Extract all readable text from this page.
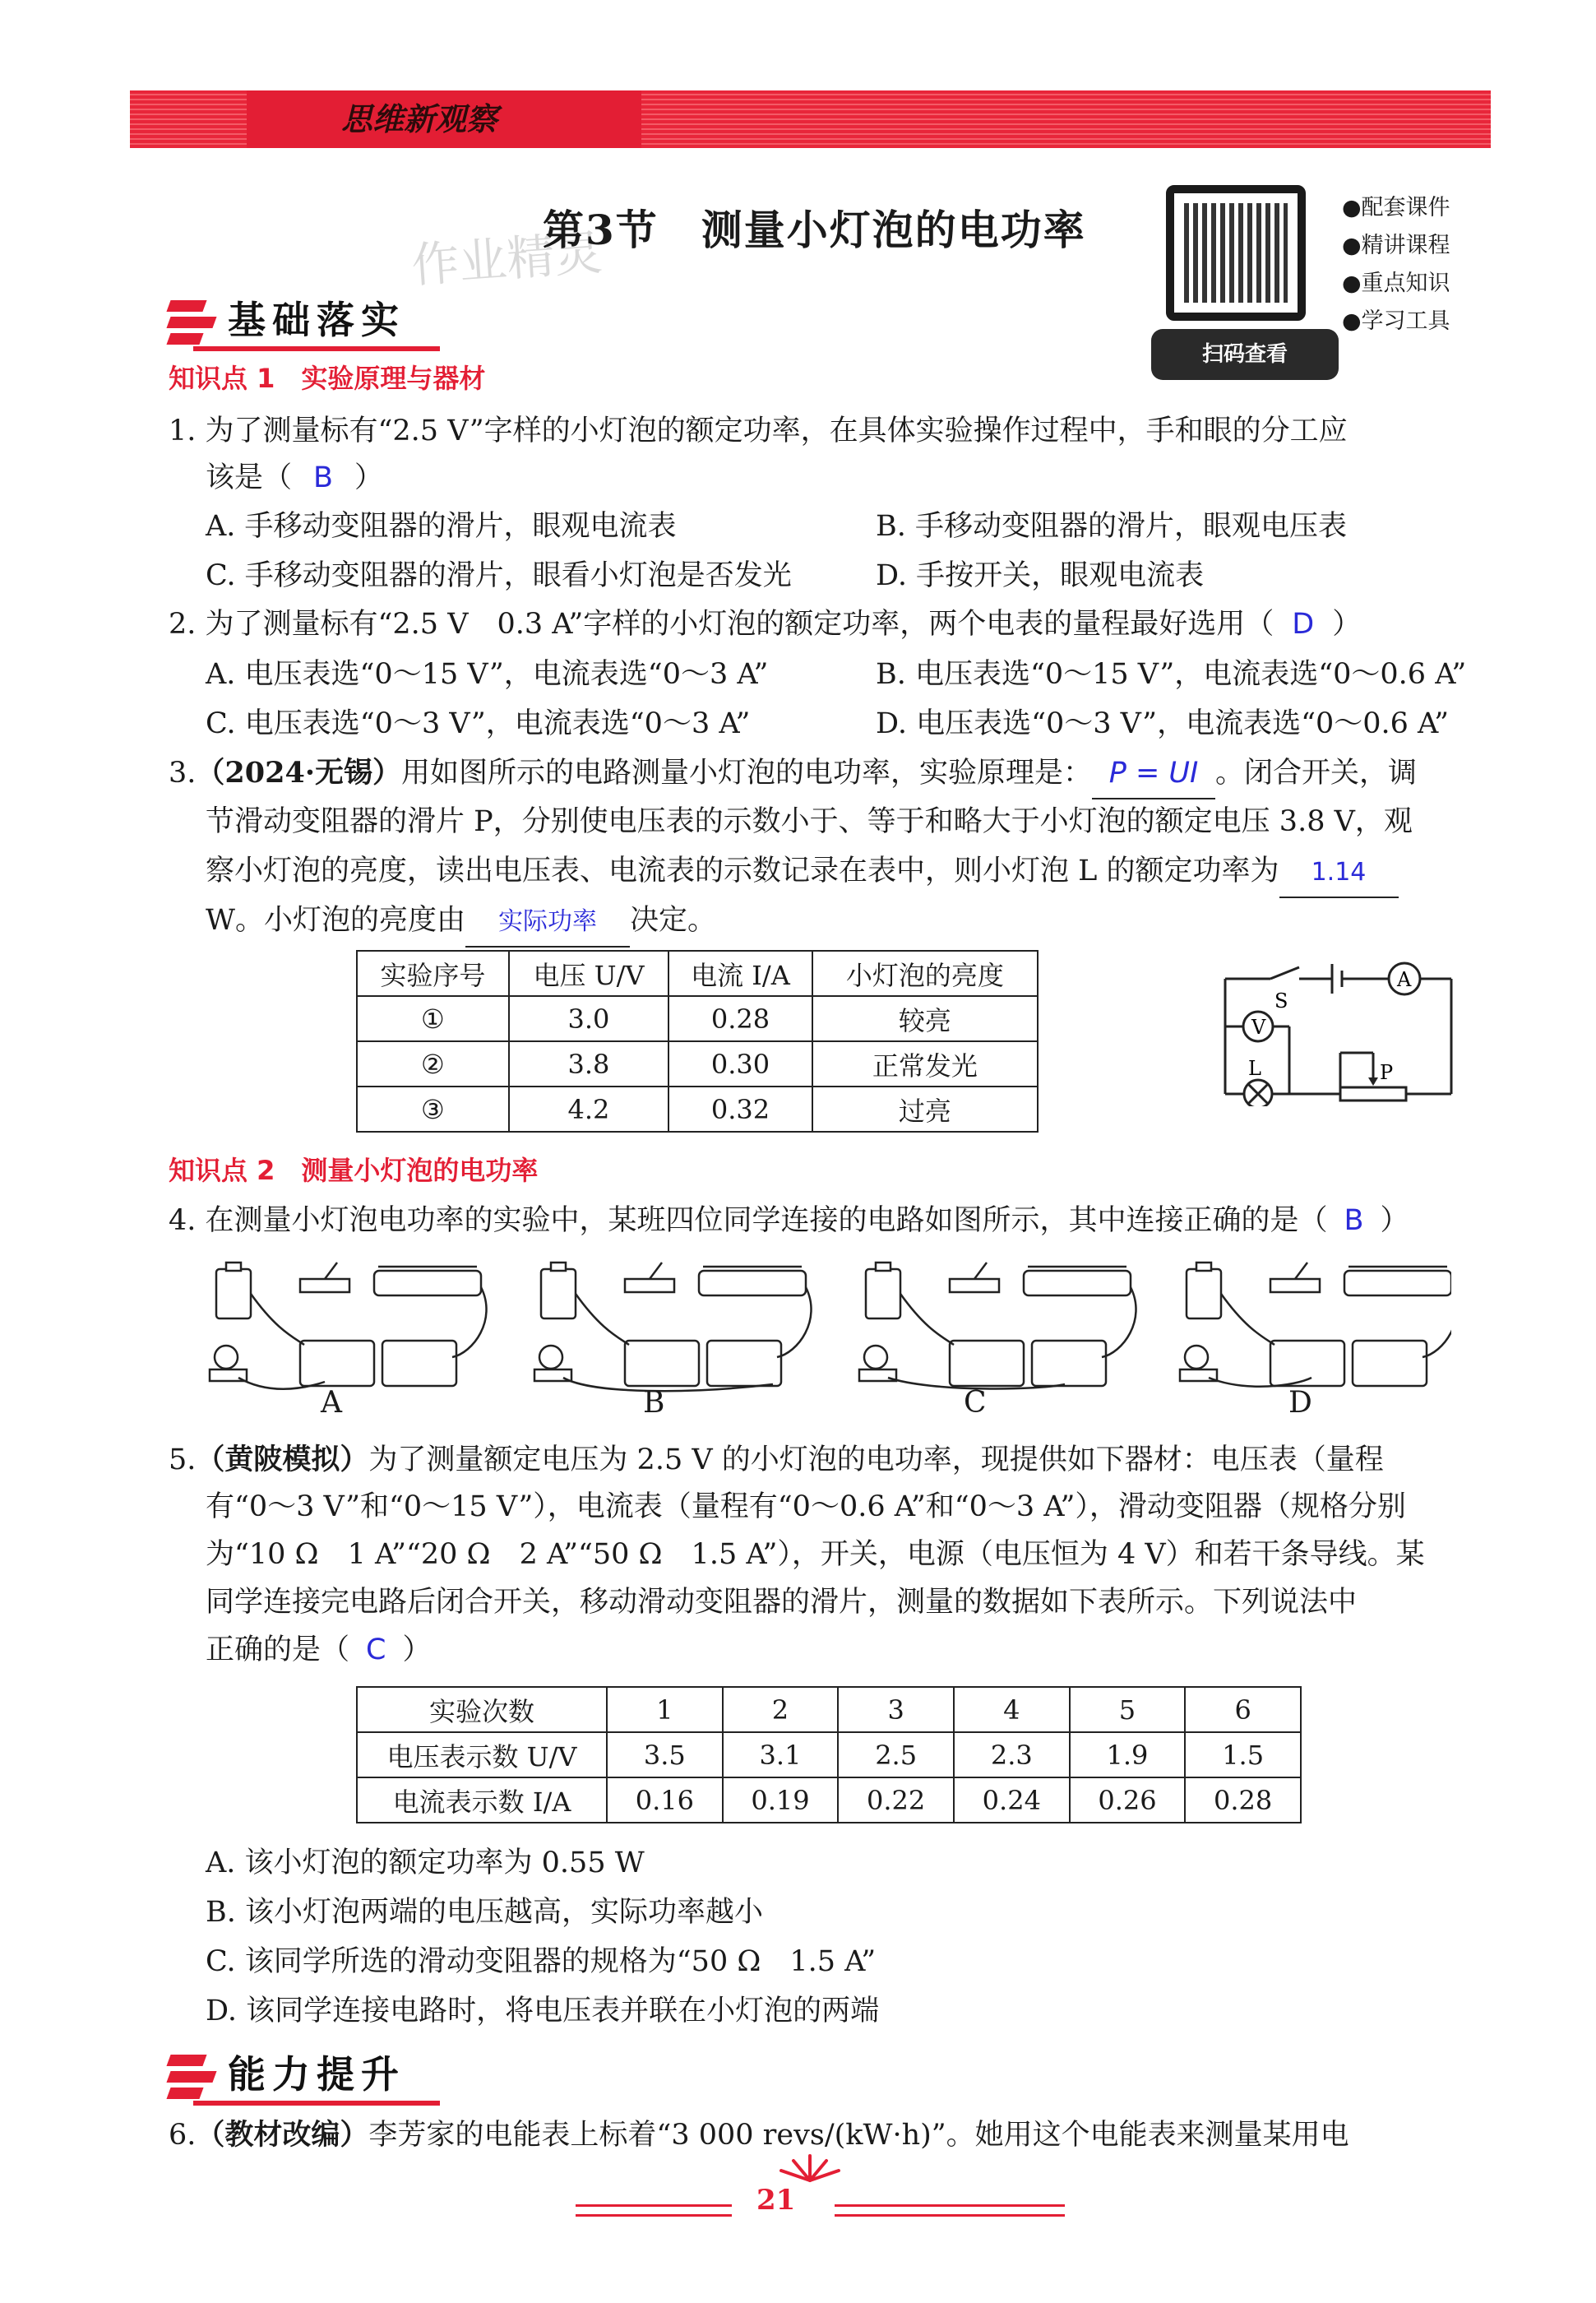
思维新观察
作业精灵
第3节　测量小灯泡的电功率
扫码查看
●配套课件
●精讲课程
●重点知识
●学习工具
基础落实
知识点 1　实验原理与器材
1. 为了测量标有“2.5 V”字样的小灯泡的额定功率，在具体实验操作过程中，手和眼的分工应
该是（ B ）
A. 手移动变阻器的滑片，眼观电流表	B. 手移动变阻器的滑片，眼观电压表
C. 手移动变阻器的滑片，眼看小灯泡是否发光	D. 手按开关，眼观电流表
2. 为了测量标有“2.5 V　0.3 A”字样的小灯泡的额定功率，两个电表的量程最好选用（ D ）
A. 电压表选“0～15 V”，电流表选“0～3 A”	B. 电压表选“0～15 V”，电流表选“0～0.6 A”
C. 电压表选“0～3 V”，电流表选“0～3 A”	D. 电压表选“0～3 V”，电流表选“0～0.6 A”
3.（2024·无锡）用如图所示的电路测量小灯泡的电功率，实验原理是： P = UI 。闭合开关，调
节滑动变阻器的滑片 P，分别使电压表的示数小于、等于和略大于小灯泡的额定电压 3.8 V，观
察小灯泡的亮度，读出电压表、电流表的示数记录在表中，则小灯泡 L 的额定功率为 1.14
W。小灯泡的亮度由 实际功率 决定。
实验序号	电压 U/V	电流 I/A	小灯泡的亮度
①	3.0	0.28	较亮
②	3.8	0.30	正常发光
③	4.2	0.32	过亮
S
A
V
L	P
知识点 2　测量小灯泡的电功率
4. 在测量小灯泡电功率的实验中，某班四位同学连接的电路如图所示，其中连接正确的是（ B ）
A	B	C	D
5.（黄陂模拟）为了测量额定电压为 2.5 V 的小灯泡的电功率，现提供如下器材：电压表（量程
有“0～3 V”和“0～15 V”），电流表（量程有“0～0.6 A”和“0～3 A”），滑动变阻器（规格分别
为“10 Ω　1 A”“20 Ω　2 A”“50 Ω　1.5 A”），开关，电源（电压恒为 4 V）和若干条导线。某
同学连接完电路后闭合开关，移动滑动变阻器的滑片，测量的数据如下表所示。下列说法中
正确的是（ C ）
实验次数	1	2	3	4	5	6
电压表示数 U/V	3.5	3.1	2.5	2.3	1.9	1.5
电流表示数 I/A	0.16	0.19	0.22	0.24	0.26	0.28
A. 该小灯泡的额定功率为 0.55 W
B. 该小灯泡两端的电压越高，实际功率越小
C. 该同学所选的滑动变阻器的规格为“50 Ω　1.5 A”
D. 该同学连接电路时，将电压表并联在小灯泡的两端
能力提升
6.（教材改编）李芳家的电能表上标着“3 000 revs/(kW·h)”。她用这个电能表来测量某用电
21
